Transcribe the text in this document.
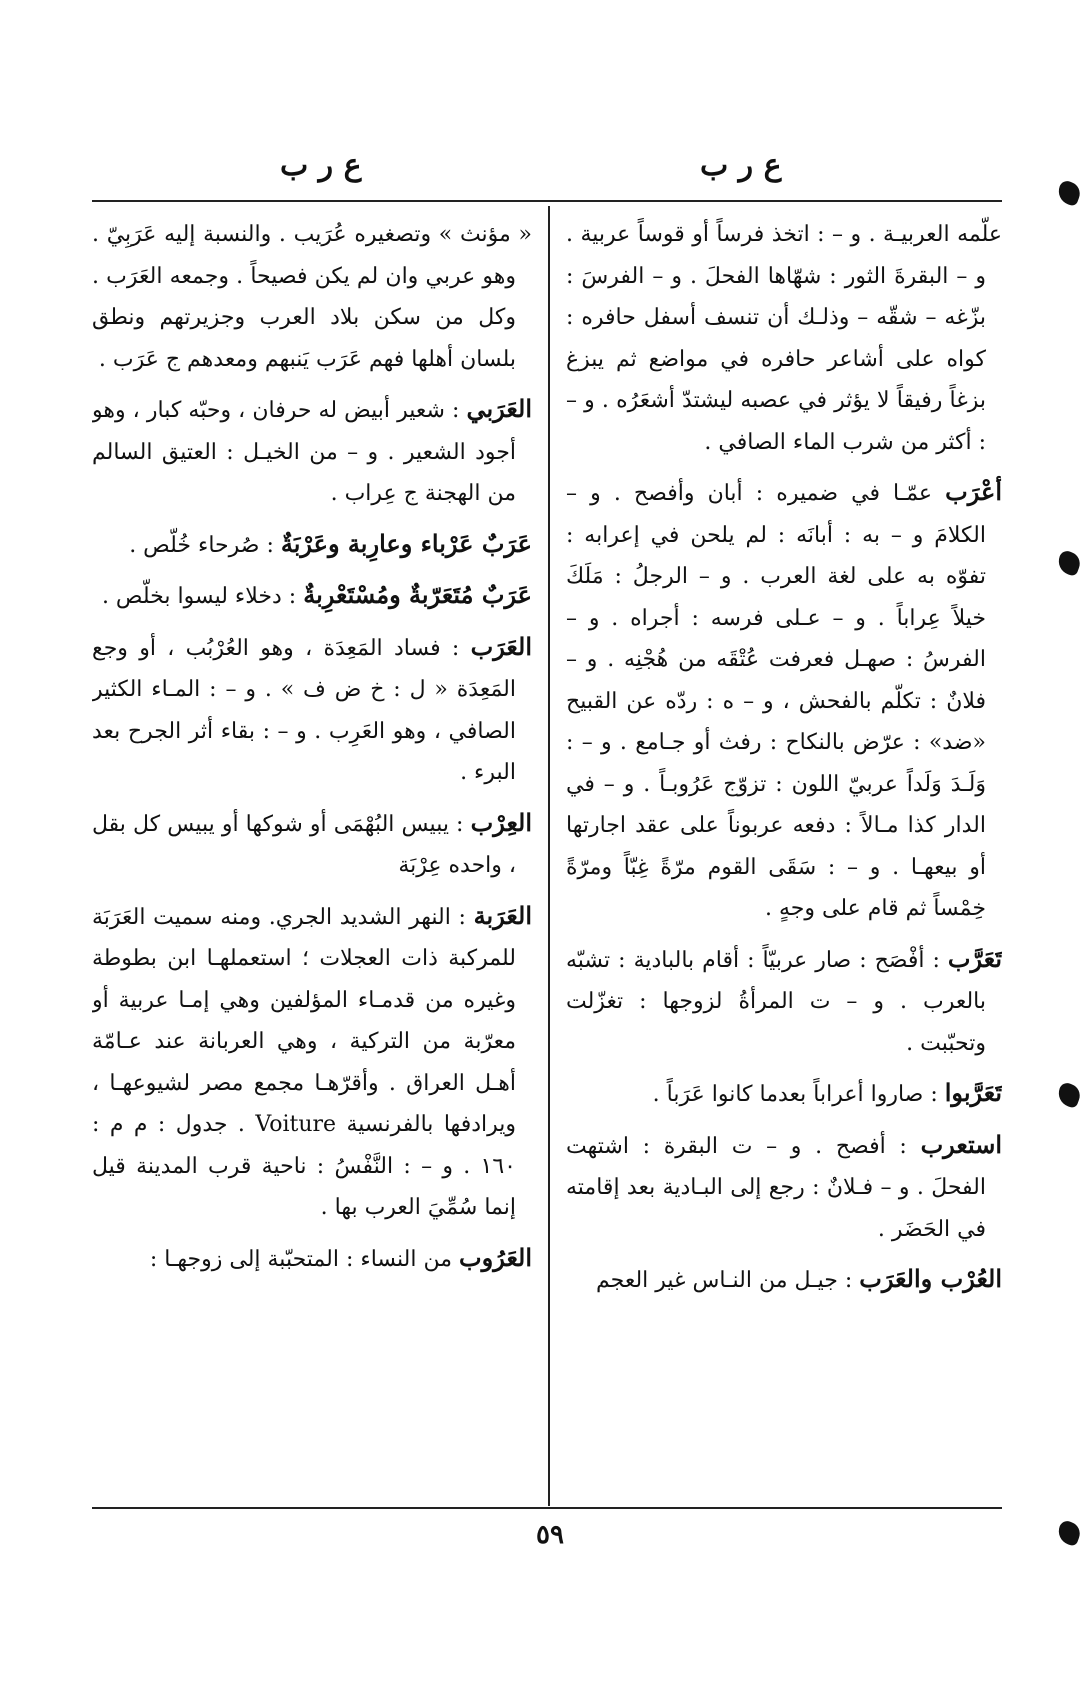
ع ر ب
ع ر ب

علّمه العربيـة . و – : اتخذ فرساً أو قوساً عربية . و – البقرةَ الثور : شهّاها الفحلَ . و – الفرسَ : بزّغه – شقّه – وذلـك أن تنسف أسفل حافره : كواه على أشاعر حافره في مواضع ثم يبزغ بزغاً رفيقاً لا يؤثر في عصبه ليشتدّ أشعَرُه . و – : أكثر من شرب الماء الصافي .

أعْرَب عمّـا في ضميره : أبان وأفصح . و – الكلامَ و – به : أبانَه : لم يلحن في إعرابه : تفوّه به على لغة العرب . و – الرجلُ : مَلَكَ خيلاً عِراباً . و – عـلى فرسه : أجراه . و – الفرسُ : صهـل فعرفت عُتْقَه من هُجْنِه . و – فلانٌ : تكلّم بالفحش ، و – ه : ردّه عن القبيح «ضد» : عرّض بالنكاح : رفث أو جـامع . و – : وَلَـدَ وَلَداً عربيّ اللون : تزوّج عَرُوبـاً . و – في الدار كذا مـالاً : دفعه عربوناً على عقد اجارتها أو بيعهـا . و – : سَقَى القوم مرّةً غِبّاً ومرّةً خِمْساً ثم قام على وجهٍ .

تَعَرَّب : أفْصَح : صار عربيّاً : أقام بالبادية : تشبّه بالعرب . و – ت المرأةُ لزوجها : تغزّلت وتحبّبت .

تَعَرَّبوا : صاروا أعراباً بعدما كانوا عَرَباً .

استعرب : أفصح . و – ت البقرة : اشتهت الفحلَ . و – فـلانٌ : رجع إلى البـادية بعد إقامته في الحَضَر .

العُرْب والعَرَب : جيـل من النـاس غير العجم

« مؤنث » وتصغيره عُرَيب . والنسبة إليه عَرَبِيّ . وهو عربي وان لم يكن فصيحاً . وجمعه العَرَب . وكل من سكن بلاد العرب وجزيرتهم ونطق بلسان أهلها فهم عَرَب يَنبهم ومعدهم ج عَرَب .

العَرَبي : شعير أبيض له حرفان ، وحبّه كبار ، وهو أجود الشعير . و – من الخيـل : العتيق السالم من الهجنة ج عِراب .

عَرَبٌ عَرْباء وعارِبة وعَرْبَةٌ : صُرحاء خُلّص .

عَرَبٌ مُتَعَرّبةٌ ومُسْتَعْرِبةٌ : دخلاء ليسوا بخلّص .

العَرَب : فساد المَعِدَة ، وهو العُرْبُب ، أو وجع المَعِدَة « ل : خ ض ف » . و – : المـاء الكثير الصافي ، وهو العَرِب . و – : بقاء أثر الجرح بعد البرء .

العِرْب : يبيس البُهْمَى أو شوكها أو يبيس كل بقل ، واحده عِرْبَة

العَرَبة : النهر الشديد الجري. ومنه سميت العَرَبَة للمركبة ذات العجلات ؛ استعملهـا ابن بطوطة وغيره من قدمـاء المؤلفين وهي إمـا عربية أو معرّبة من التركية ، وهي العربانة عند عـامّة أهـل العراق . وأقرّهـا مجمع مصر لشيوعهـا ، ويرادفها بالفرنسية Voiture . جدول : م م : ١٦٠ . و – : النَّفْسُ : ناحية قرب المدينة قيل إنما سُمِّيَ العرب بها .

العَرُوب من النساء : المتحبّبة إلى زوجهـا :

٥٩
